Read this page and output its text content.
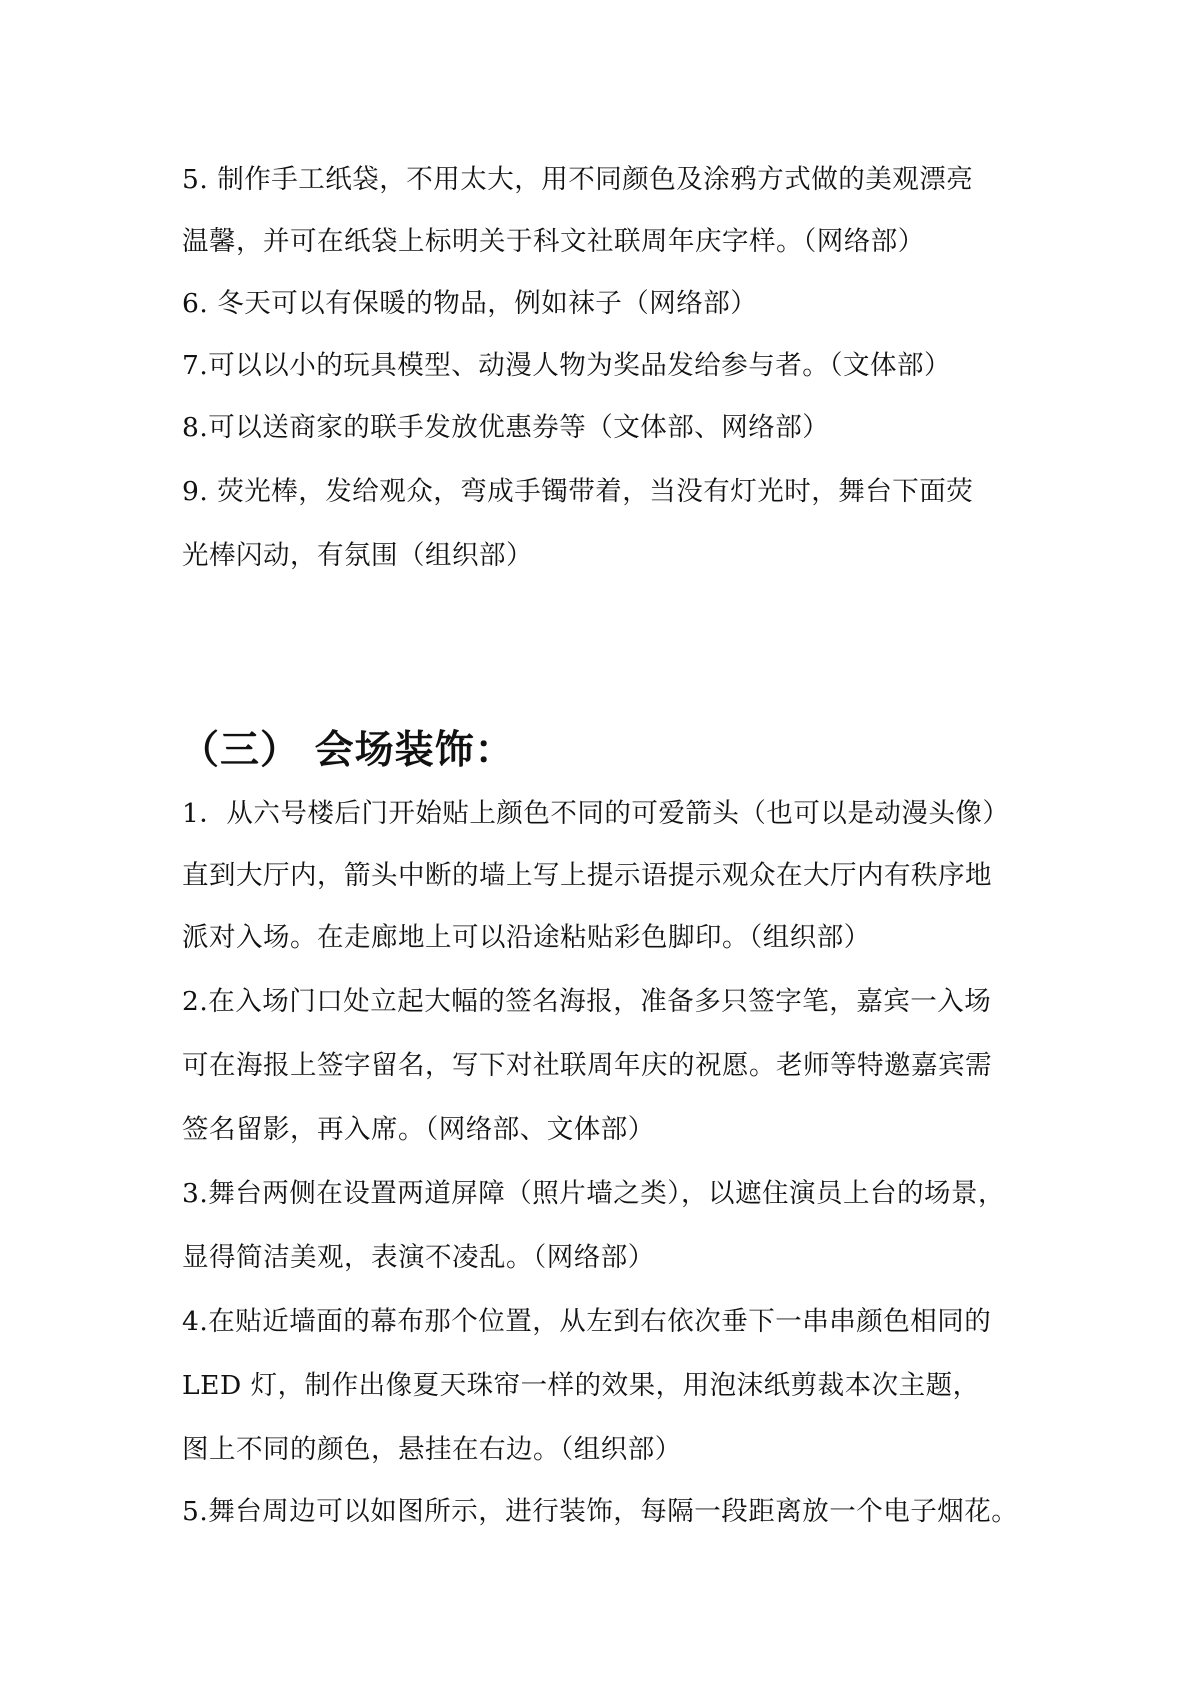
5. 制作手工纸袋，不用太大，用不同颜色及涂鸦方式做的美观漂亮
温馨，并可在纸袋上标明关于科文社联周年庆字样。（网络部）
6. 冬天可以有保暖的物品，例如袜子（网络部）
7.可以以小的玩具模型、动漫人物为奖品发给参与者。（文体部）
8.可以送商家的联手发放优惠券等（文体部、网络部）
9. 荧光棒，发给观众，弯成手镯带着，当没有灯光时，舞台下面荧
光棒闪动，有氛围（组织部）
（三） 会场装饰：
1．从六号楼后门开始贴上颜色不同的可爱箭头（也可以是动漫头像）
直到大厅内，箭头中断的墙上写上提示语提示观众在大厅内有秩序地
派对入场。在走廊地上可以沿途粘贴彩色脚印。（组织部）
2.在入场门口处立起大幅的签名海报，准备多只签字笔，嘉宾一入场
可在海报上签字留名，写下对社联周年庆的祝愿。老师等特邀嘉宾需
签名留影，再入席。（网络部、文体部）
3.舞台两侧在设置两道屏障（照片墙之类），以遮住演员上台的场景，
显得简洁美观，表演不凌乱。（网络部）
4.在贴近墙面的幕布那个位置，从左到右依次垂下一串串颜色相同的
LED 灯，制作出像夏天珠帘一样的效果，用泡沫纸剪裁本次主题，
图上不同的颜色，悬挂在右边。（组织部）
5.舞台周边可以如图所示，进行装饰，每隔一段距离放一个电子烟花。
